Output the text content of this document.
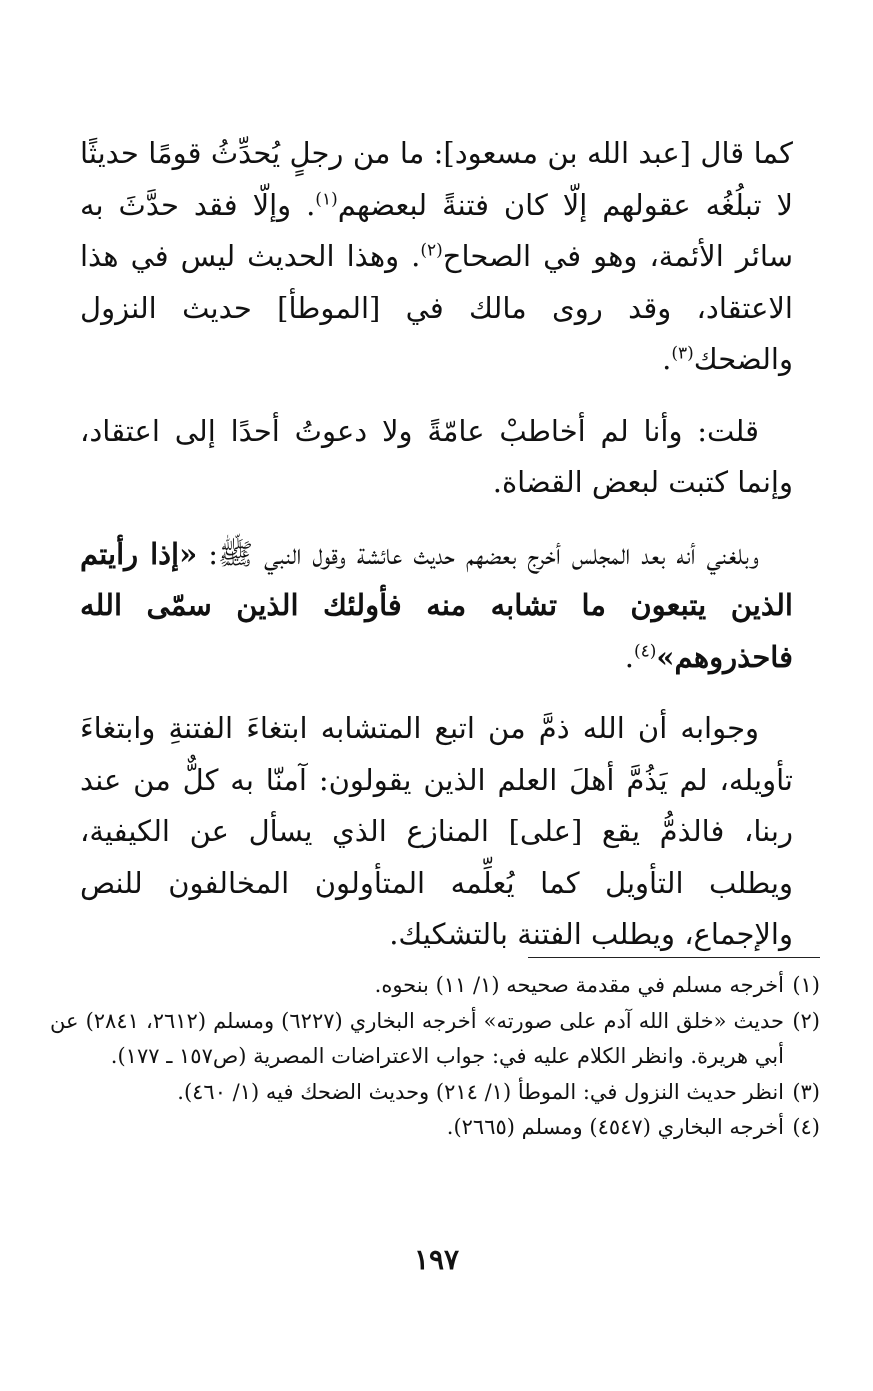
كما قال [عبد الله بن مسعود]: ما من رجلٍ يُحدِّثُ قومًا حديثًا لا تبلُغُه عقولهم إلّا كان فتنةً لبعضهم$^{(١)}$. وإلّا فقد حدَّثَ به سائر الأئمة، وهو في الصحاح$^{(٢)}$. وهذا الحديث ليس في هذا الاعتقاد، وقد روى مالك في [الموطأ] حديث النزول والضحك$^{(٣)}$.

قلت: وأنا لم أخاطبْ عامّةً ولا دعوتُ أحدًا إلى اعتقاد، وإنما كتبت لبعض القضاة.

وبلغني أنه بعد المجلس أخرج بعضهم حديث عائشة وقول النبي ﷺ: «إذا رأيتم الذين يتبعون ما تشابه منه فأولئك الذين سمّى الله فاحذروهم»$^{(٤)}$.

وجوابه أن الله ذمَّ من اتبع المتشابه ابتغاءَ الفتنةِ وابتغاءَ تأويله، لم يَذُمَّ أهلَ العلم الذين يقولون: آمنّا به كلٌّ من عند ربنا، فالذمُّ يقع [على] المنازع الذي يسأل عن الكيفية، ويطلب التأويل كما يُعلِّمه المتأولون المخالفون للنص والإجماع، ويطلب الفتنة بالتشكيك.

(١)
أخرجه مسلم في مقدمة صحيحه (١/ ١١) بنحوه.
(٢)
حديث «خلق الله آدم على صورته» أخرجه البخاري (٦٢٢٧) ومسلم (٢٦١٢، ٢٨٤١) عن أبي هريرة. وانظر الكلام عليه في: جواب الاعتراضات المصرية (ص١٥٧ ـ ١٧٧).
(٣)
انظر حديث النزول في: الموطأ (١/ ٢١٤) وحديث الضحك فيه (١/ ٤٦٠).
(٤)
أخرجه البخاري (٤٥٤٧) ومسلم (٢٦٦٥).
١٩٧
